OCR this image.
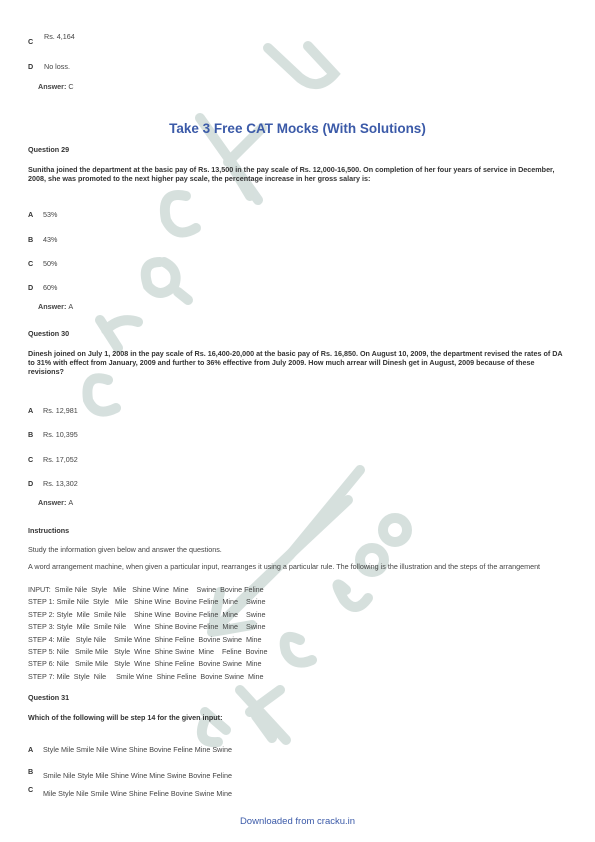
C
Rs. 4,164
D No loss.
Answer: C
Take 3 Free CAT Mocks (With Solutions)
Question 29
Sunitha joined the department at the basic pay of Rs. 13,500 in the pay scale of Rs. 12,000-16,500. On completion of her four years of service in December, 2008, she was promoted to the next higher pay scale, the percentage increase in her gross salary is:
A 53%
B 43%
C 50%
D 60%
Answer: A
Question 30
Dinesh joined on July 1, 2008 in the pay scale of Rs. 16,400-20,000 at the basic pay of Rs. 16,850. On August 10, 2009, the department revised the rates of DA to 31% with effect from January, 2009 and further to 36% effective from July 2009. How much arrear will Dinesh get in August, 2009 because of these revisions?
A Rs. 12,981
B Rs. 10,395
C Rs. 17,052
D Rs. 13,302
Answer: A
Instructions
Study the information given below and answer the questions.
A word arrangement machine, when given a particular input, rearranges it using a particular rule. The following is the illustration and the steps of the arrangement
INPUT:  Smile Nile  Style   Mile   Shine Wine  Mine    Swine  Bovine Feline
STEP 1: Smile Nile  Style   Mile   Shine Wine  Bovine Feline  Mine    Swine
STEP 2: Style  Mile  Smile Nile    Shine Wine  Bovine Feline  Mine    Swine
STEP 3: Style  Mile  Smile Nile    Wine  Shine Bovine Feline  Mine    Swine
STEP 4: Mile   Style Nile    Smile Wine  Shine Feline  Bovine Swine  Mine
STEP 5: Nile   Smile Mile   Style  Wine  Shine Swine  Mine    Feline  Bovine
STEP 6: Nile   Smile Mile   Style  Wine  Shine Feline  Bovine Swine  Mine
STEP 7: Mile  Style  Nile     Smile Wine  Shine Feline  Bovine Swine  Mine
Question 31
Which of the following will be step 14 for the given input:
A Style Mile Smile Nile Wine Shine Bovine Feline Mine Swine
B Smile Nile Style Mile Shine Wine Mine Swine Bovine Feline
C Mile Style Nile Smile Wine Shine Feline Bovine Swine Mine
Downloaded from cracku.in
